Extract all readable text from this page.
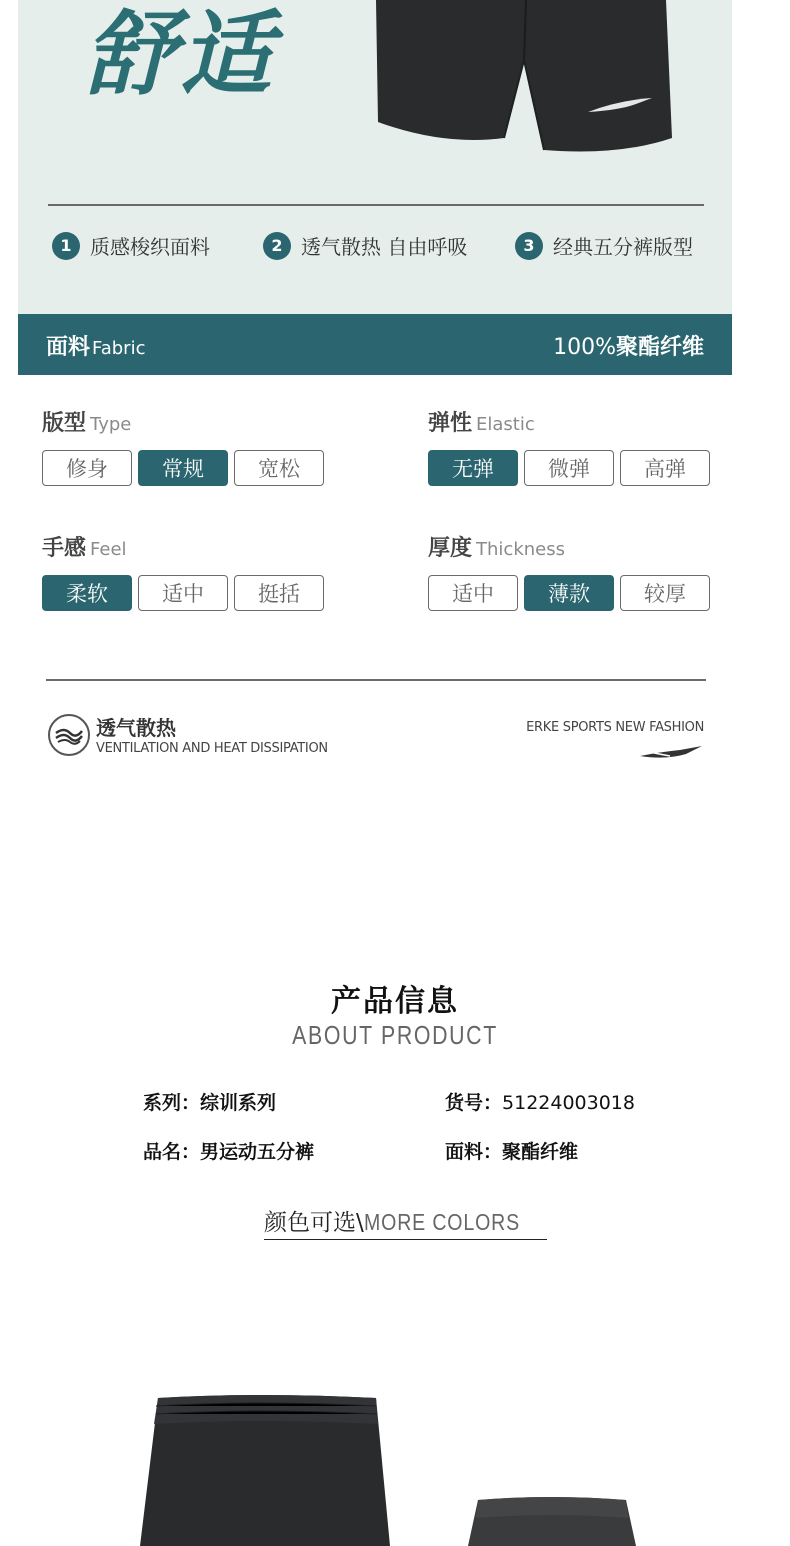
舒适
1 质感梭织面料	2 透气散热 自由呼吸	3 经典五分裤版型
面料 Fabric	100%聚酯纤维
版型 Type
修身	常规	宽松
弹性 Elastic
无弹	微弹	高弹
手感 Feel
柔软	适中	挺括
厚度 Thickness
适中	薄款	较厚
透气散热
VENTILATION AND HEAT DISSIPATION
ERKE SPORTS NEW FASHION
产品信息
ABOUT PRODUCT
系列：综训系列	货号：51224003018
品名：男运动五分裤	面料：聚酯纤维
颜色可选\MORE COLORS
